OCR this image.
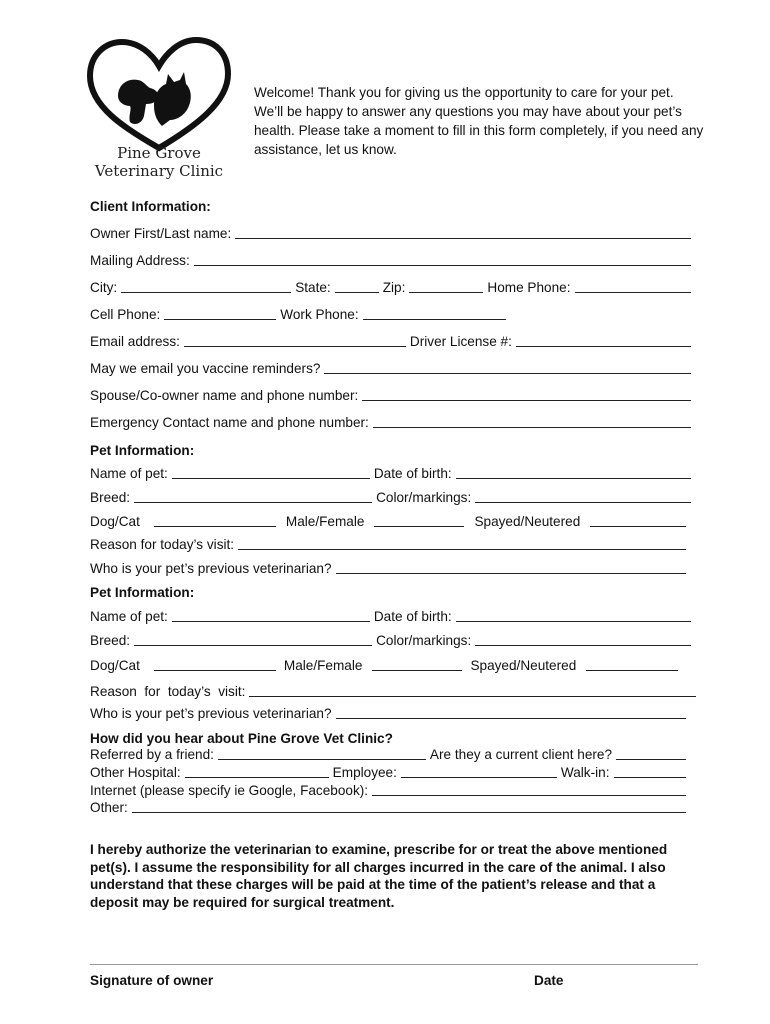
Pine Grove
Veterinary Clinic
Welcome! Thank you for giving us the opportunity to care for your pet. We’ll be happy to answer any questions you may have about your pet’s health. Please take a moment to fill in this form completely, if you need any assistance, let us know.
Client Information:
Owner First/Last name:
Mailing Address:
City:	State:	Zip:	Home Phone:
Cell Phone:	Work Phone:
Email address:	Driver License #:
May we email you vaccine reminders?
Spouse/Co-owner name and phone number:
Emergency Contact name and phone number:
Pet Information:
Name of pet:	Date of birth:
Breed:	Color/markings:
Dog/Cat	Male/Female	Spayed/Neutered
Reason for today’s visit:
Who is your pet’s previous veterinarian?
Pet Information:
Name of pet:	Date of birth:
Breed:	Color/markings:
Dog/Cat	Male/Female	Spayed/Neutered
Reason  for  today’s  visit:
Who is your pet’s previous veterinarian?
How did you hear about Pine Grove Vet Clinic?
Referred by a friend:	Are they a current client here?
Other Hospital:	Employee:	Walk-in:
Internet (please specify ie Google, Facebook):
Other:
I hereby authorize the veterinarian to examine, prescribe for or treat the above mentioned pet(s). I assume the responsibility for all charges incurred in the care of the animal. I also understand that these charges will be paid at the time of the patient’s release and that a deposit may be required for surgical treatment.
Signature of owner	Date
